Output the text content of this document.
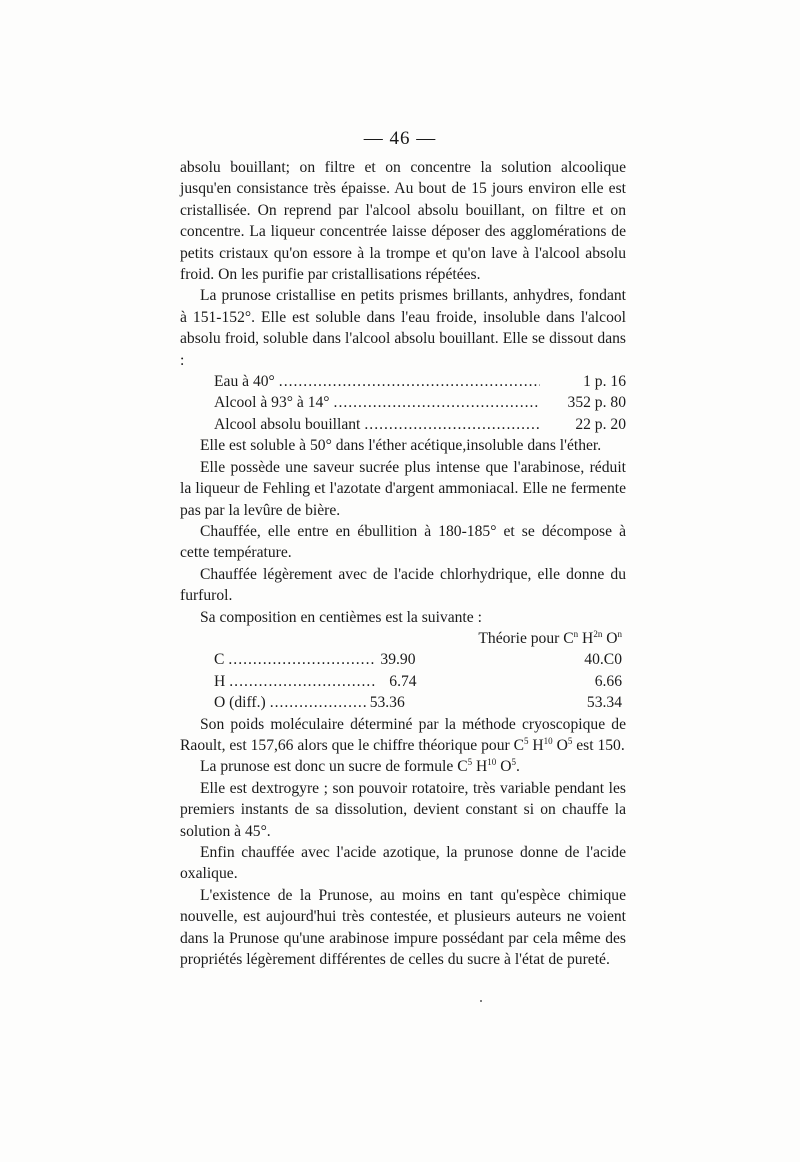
— 46 —

absolu bouillant; on filtre et on concentre la solution alcoolique jusqu'en consistance très épaisse. Au bout de 15 jours environ elle est cristallisée. On reprend par l'alcool absolu bouillant, on filtre et on concentre. La liqueur concentrée laisse déposer des agglomérations de petits cristaux qu'on essore à la trompe et qu'on lave à l'alcool absolu froid. On les purifie par cristallisations répétées.

La prunose cristallise en petits prismes brillants, anhydres, fondant à 151-152°. Elle est soluble dans l'eau froide, insoluble dans l'alcool absolu froid, soluble dans l'alcool absolu bouillant. Elle se dissout dans :

Eau à 40° .....	1 p. 16
Alcool à 93° à 14° .....	352 p. 80
Alcool absolu bouillant .....	22 p. 20

Elle est soluble à 50° dans l'éther acétique,insoluble dans l'éther.

Elle possède une saveur sucrée plus intense que l'arabinose, réduit la liqueur de Fehling et l'azotate d'argent ammoniacal. Elle ne fermente pas par la levûre de bière.

Chauffée, elle entre en ébullition à 180-185° et se décompose à cette température.

Chauffée légèrement avec de l'acide chlorhydrique, elle donne du furfurol.

Sa composition en centièmes est la suivante :

Théorie pour $C^n$ $H^{2n}$ $O^n$
C .....	39.90	40.C0
H .....	6.74	6.66
O (diff.) .....	53.36	53.34

Son poids moléculaire déterminé par la méthode cryoscopique de Raoult, est 157,66 alors que le chiffre théorique pour $C^5$ $H^{10}$ $O^5$ est 150.

La prunose est donc un sucre de formule $C^5$ $H^{10}$ $O^5$.

Elle est dextrogyre ; son pouvoir rotatoire, très variable pendant les premiers instants de sa dissolution, devient constant si on chauffe la solution à 45°.

Enfin chauffée avec l'acide azotique, la prunose donne de l'acide oxalique.

L'existence de la Prunose, au moins en tant qu'espèce chimique nouvelle, est aujourd'hui très contestée, et plusieurs auteurs ne voient dans la Prunose qu'une arabinose impure possédant par cela même des propriétés légèrement différentes de celles du sucre à l'état de pureté.
